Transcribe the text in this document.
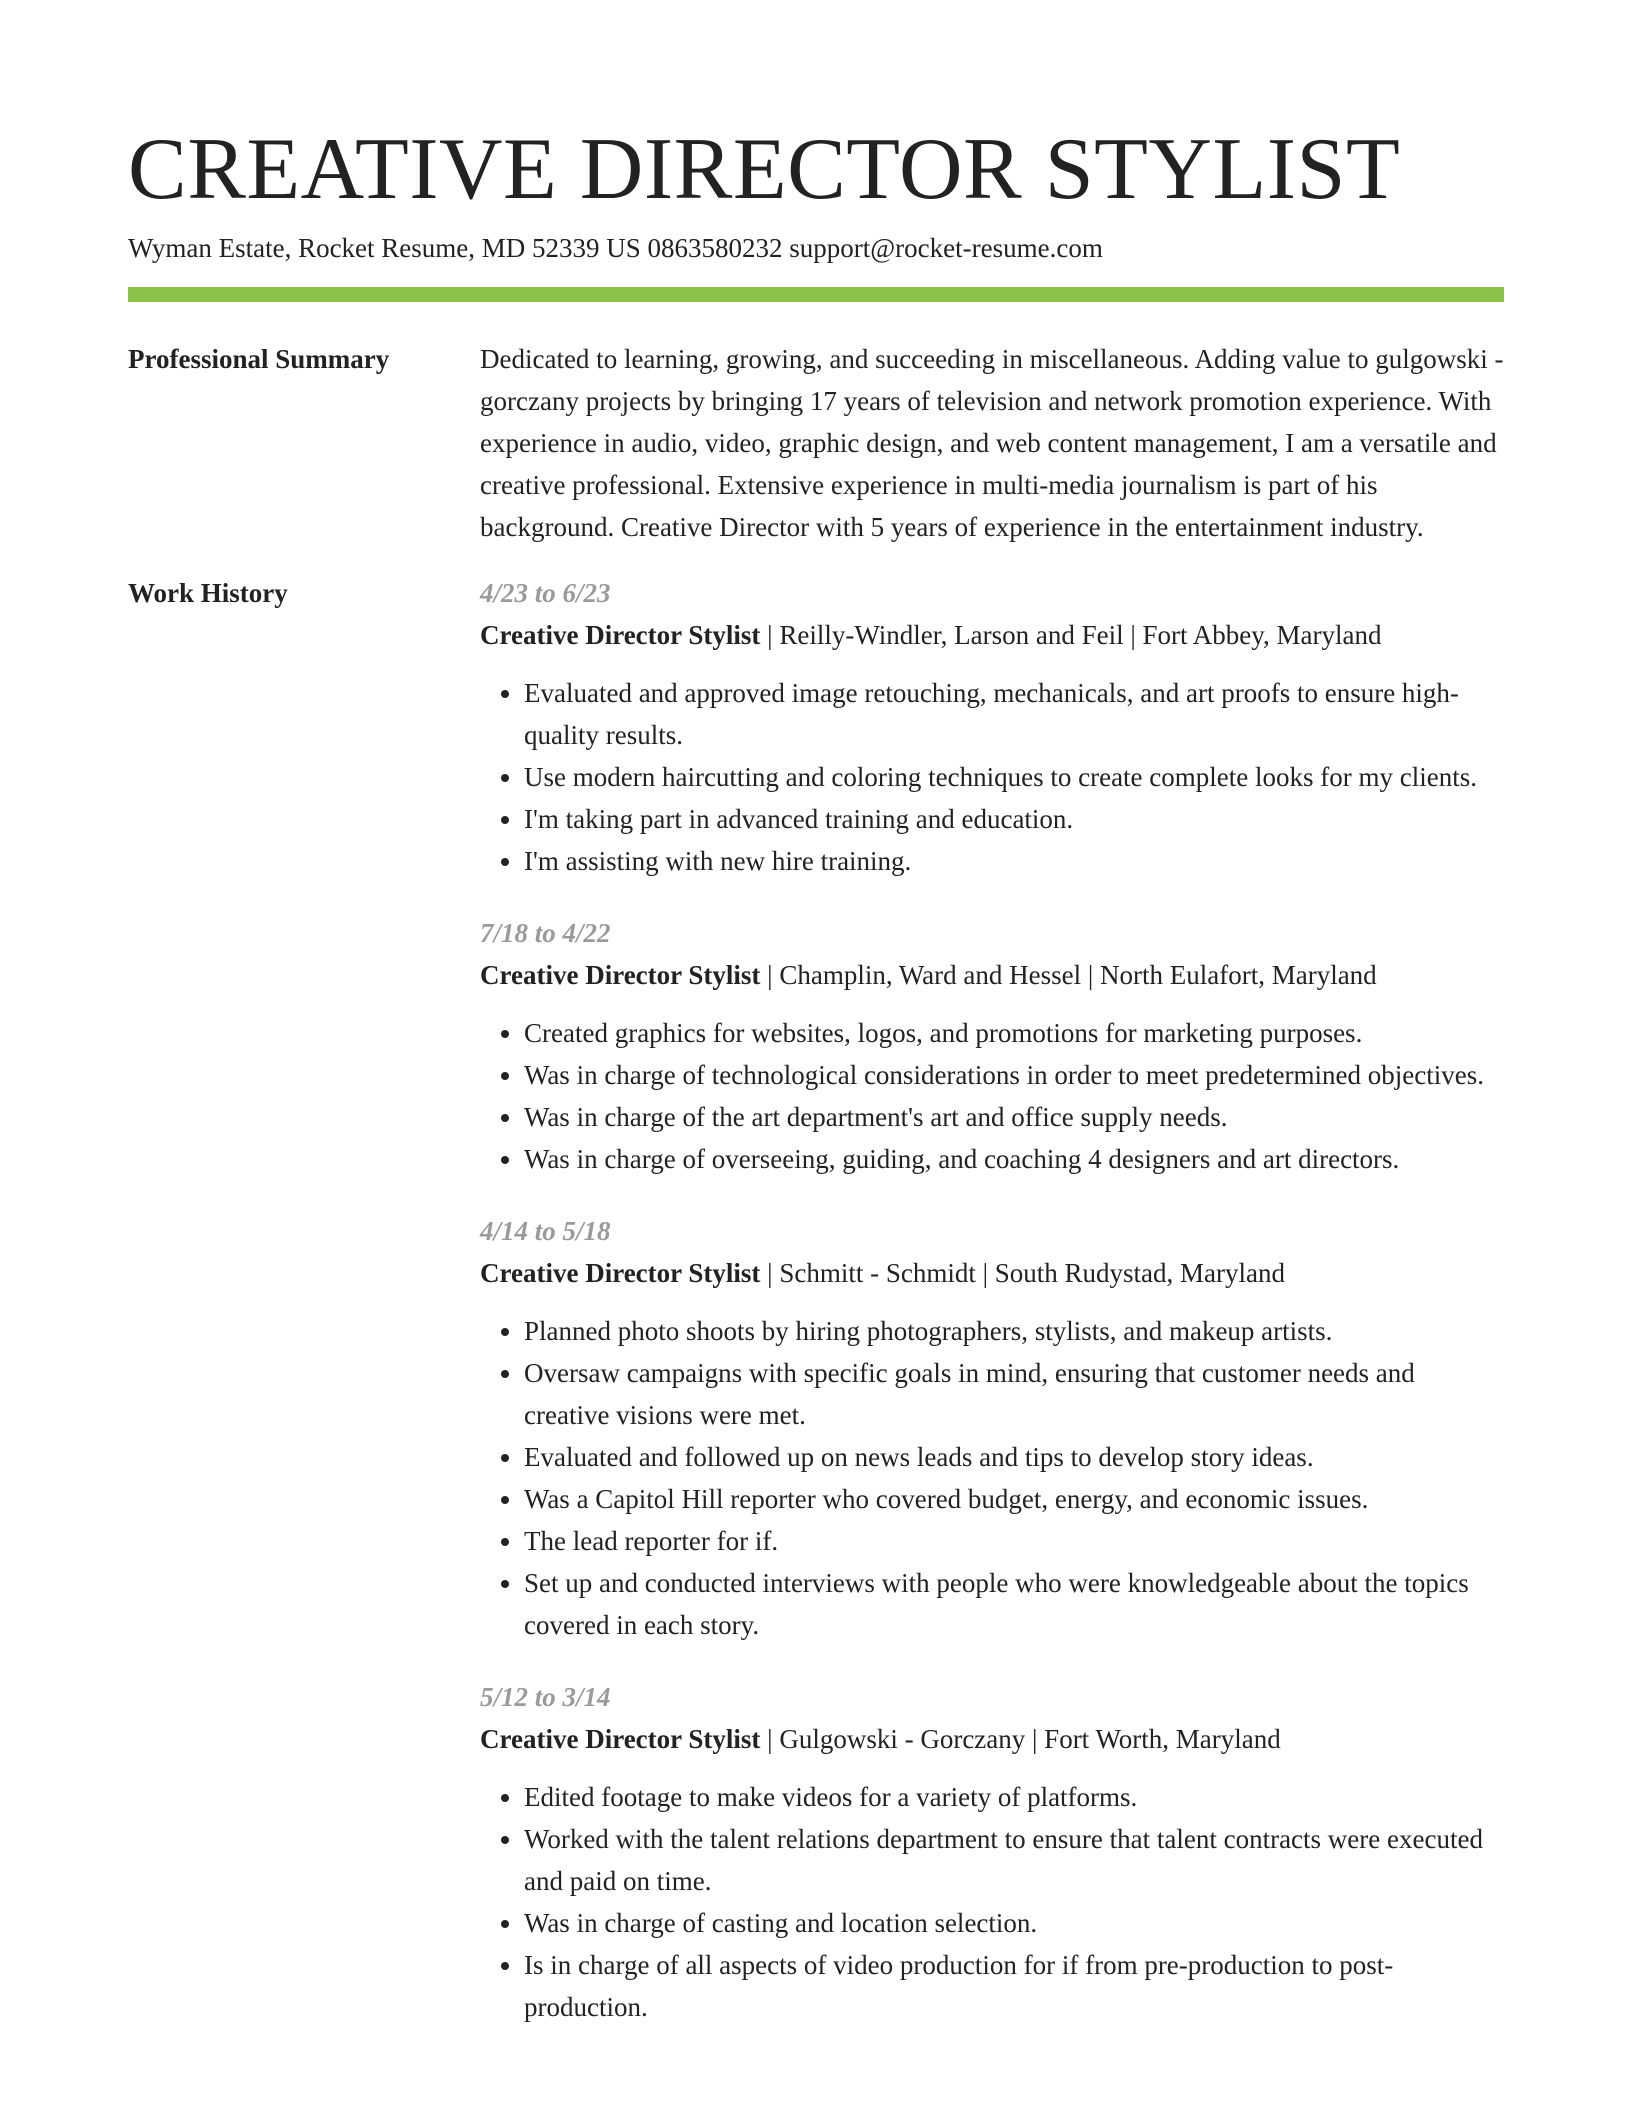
CREATIVE DIRECTOR STYLIST
Wyman Estate, Rocket Resume, MD 52339 US 0863580232 support@rocket-resume.com
Professional Summary	Dedicated to learning, growing, and succeeding in miscellaneous. Adding value to gulgowski - gorczany projects by bringing 17 years of television and network promotion experience. With experience in audio, video, graphic design, and web content management, I am a versatile and creative professional. Extensive experience in multi-media journalism is part of his background. Creative Director with 5 years of experience in the entertainment industry.

Work History	4/23 to 6/23
Creative Director Stylist | Reilly-Windler, Larson and Feil | Fort Abbey, Maryland
• Evaluated and approved image retouching, mechanicals, and art proofs to ensure high-quality results.
• Use modern haircutting and coloring techniques to create complete looks for my clients.
• I'm taking part in advanced training and education.
• I'm assisting with new hire training.
7/18 to 4/22
Creative Director Stylist | Champlin, Ward and Hessel | North Eulafort, Maryland
• Created graphics for websites, logos, and promotions for marketing purposes.
• Was in charge of technological considerations in order to meet predetermined objectives.
• Was in charge of the art department's art and office supply needs.
• Was in charge of overseeing, guiding, and coaching 4 designers and art directors.
4/14 to 5/18
Creative Director Stylist | Schmitt - Schmidt | South Rudystad, Maryland
• Planned photo shoots by hiring photographers, stylists, and makeup artists.
• Oversaw campaigns with specific goals in mind, ensuring that customer needs and creative visions were met.
• Evaluated and followed up on news leads and tips to develop story ideas.
• Was a Capitol Hill reporter who covered budget, energy, and economic issues.
• The lead reporter for if.
• Set up and conducted interviews with people who were knowledgeable about the topics covered in each story.
5/12 to 3/14
Creative Director Stylist | Gulgowski - Gorczany | Fort Worth, Maryland
• Edited footage to make videos for a variety of platforms.
• Worked with the talent relations department to ensure that talent contracts were executed and paid on time.
• Was in charge of casting and location selection.
• Is in charge of all aspects of video production for if from pre-production to post-production.
